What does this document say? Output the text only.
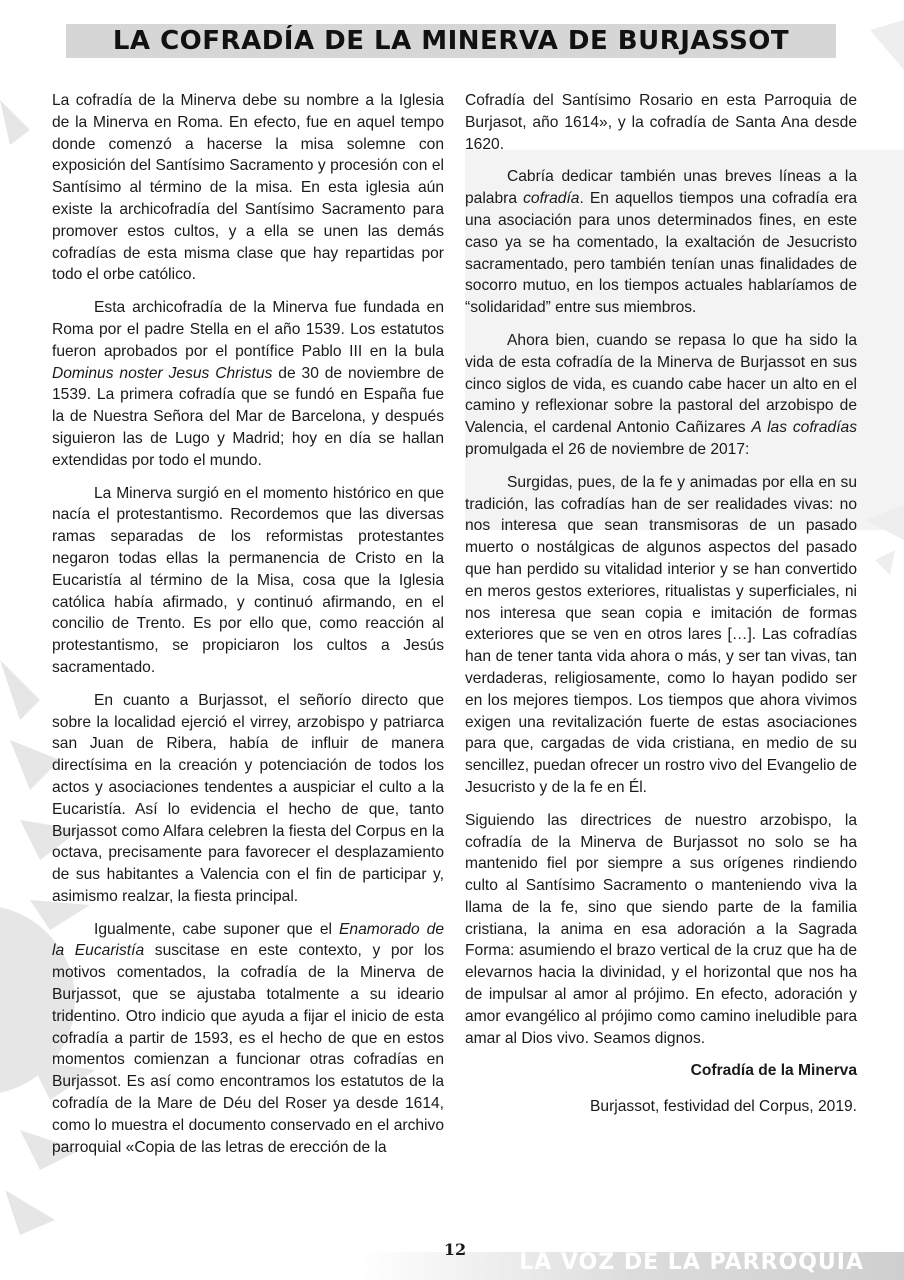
LA COFRADÍA DE LA MINERVA DE BURJASSOT

La cofradía de la Minerva debe su nombre a la Iglesia de la Minerva en Roma. En efecto, fue en aquel tempo donde comenzó a hacerse la misa solemne con exposición del Santísimo Sacramento y procesión con el Santísimo al término de la misa. En esta iglesia aún existe la archicofradía del Santísimo Sacramento para promover estos cultos, y a ella se unen las demás cofradías de esta misma clase que hay repartidas por todo el orbe católico.

Esta archicofradía de la Minerva fue fundada en Roma por el padre Stella en el año 1539. Los estatutos fueron aprobados por el pontífice Pablo III en la bula Dominus noster Jesus Christus de 30 de noviembre de 1539. La primera cofradía que se fundó en España fue la de Nuestra Señora del Mar de Barcelona, y después siguieron las de Lugo y Madrid; hoy en día se hallan extendidas por todo el mundo.

La Minerva surgió en el momento histórico en que nacía el protestantismo. Recordemos que las diversas ramas separadas de los reformistas protestantes negaron todas ellas la permanencia de Cristo en la Eucaristía al término de la Misa, cosa que la Iglesia católica había afirmado, y continuó afirmando, en el concilio de Trento. Es por ello que, como reacción al protestantismo, se propiciaron los cultos a Jesús sacramentado.

En cuanto a Burjassot, el señorío directo que sobre la localidad ejerció el virrey, arzobispo y patriarca san Juan de Ribera, había de influir de manera directísima en la creación y potenciación de todos los actos y asociaciones tendentes a auspiciar el culto a la Eucaristía. Así lo evidencia el hecho de que, tanto Burjassot como Alfara celebren la fiesta del Corpus en la octava, precisamente para favorecer el desplazamiento de sus habitantes a Valencia con el fin de participar y, asimismo realzar, la fiesta principal.

Igualmente, cabe suponer que el Enamorado de la Eucaristía suscitase en este contexto, y por los motivos comentados, la cofradía de la Minerva de Burjassot, que se ajustaba totalmente a su ideario tridentino. Otro indicio que ayuda a fijar el inicio de esta cofradía a partir de 1593, es el hecho de que en estos momentos comienzan a funcionar otras cofradías en Burjassot. Es así como encontramos los estatutos de la cofradía de la Mare de Déu del Roser ya desde 1614, como lo muestra el documento conservado en el archivo parroquial «Copia de las letras de erección de la

Cofradía del Santísimo Rosario en esta Parroquia de Burjasot, año 1614», y la cofradía de Santa Ana desde 1620.

Cabría dedicar también unas breves líneas a la palabra cofradía. En aquellos tiempos una cofradía era una asociación para unos determinados fines, en este caso ya se ha comentado, la exaltación de Jesucristo sacramentado, pero también tenían unas finalidades de socorro mutuo, en los tiempos actuales hablaríamos de “solidaridad” entre sus miembros.

Ahora bien, cuando se repasa lo que ha sido la vida de esta cofradía de la Minerva de Burjassot en sus cinco siglos de vida, es cuando cabe hacer un alto en el camino y reflexionar sobre la pastoral del arzobispo de Valencia, el cardenal Antonio Cañizares A las cofradías promulgada el 26 de noviembre de 2017:

Surgidas, pues, de la fe y animadas por ella en su tradición, las cofradías han de ser realidades vivas: no nos interesa que sean transmisoras de un pasado muerto o nostálgicas de algunos aspectos del pasado que han perdido su vitalidad interior y se han convertido en meros gestos exteriores, ritualistas y superficiales, ni nos interesa que sean copia e imitación de formas exteriores que se ven en otros lares […]. Las cofradías han de tener tanta vida ahora o más, y ser tan vivas, tan verdaderas, religiosamente, como lo hayan podido ser en los mejores tiempos. Los tiempos que ahora vivimos exigen una revitalización fuerte de estas asociaciones para que, cargadas de vida cristiana, en medio de su sencillez, puedan ofrecer un rostro vivo del Evangelio de Jesucristo y de la fe en Él.

Siguiendo las directrices de nuestro arzobispo, la cofradía de la Minerva de Burjassot no solo se ha mantenido fiel por siempre a sus orígenes rindiendo culto al Santísimo Sacramento o manteniendo viva la llama de la fe, sino que siendo parte de la familia cristiana, la anima en esa adoración a la Sagrada Forma: asumiendo el brazo vertical de la cruz que ha de elevarnos hacia la divinidad, y el horizontal que nos ha de impulsar al amor al prójimo. En efecto, adoración y amor evangélico al prójimo como camino ineludible para amar al Dios vivo. Seamos dignos.

Cofradía de la Minerva

Burjassot, festividad del Corpus, 2019.

12
LA VOZ DE LA PARROQUIA
